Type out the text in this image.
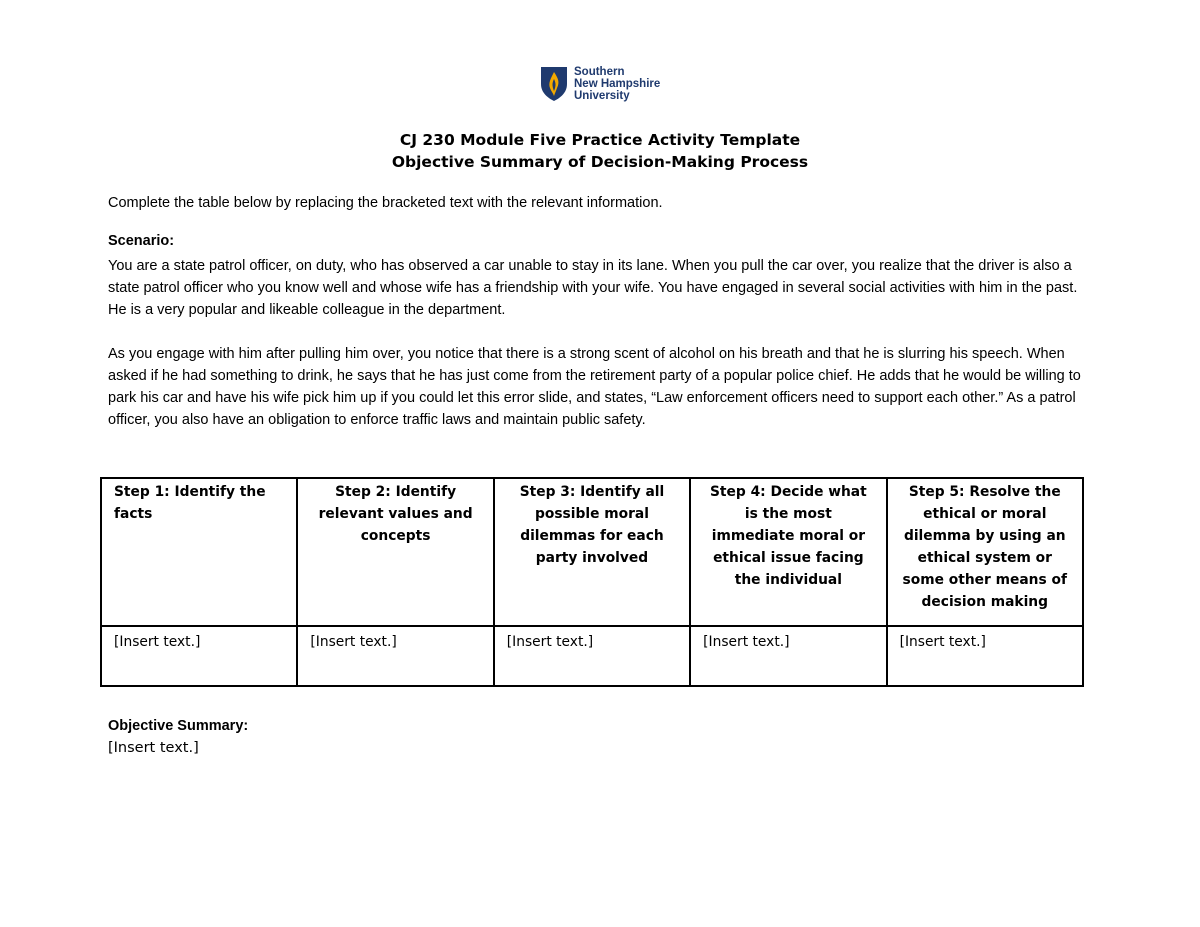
Southern
New Hampshire
University
CJ 230 Module Five Practice Activity Template
Objective Summary of Decision-Making Process
Complete the table below by replacing the bracketed text with the relevant information.
Scenario:
You are a state patrol officer, on duty, who has observed a car unable to stay in its lane. When you pull the car over, you realize that the driver is also a state patrol officer who you know well and whose wife has a friendship with your wife. You have engaged in several social activities with him in the past. He is a very popular and likeable colleague in the department.
As you engage with him after pulling him over, you notice that there is a strong scent of alcohol on his breath and that he is slurring his speech. When asked if he had something to drink, he says that he has just come from the retirement party of a popular police chief. He adds that he would be willing to park his car and have his wife pick him up if you could let this error slide, and states, “Law enforcement officers need to support each other.” As a patrol officer, you also have an obligation to enforce traffic laws and maintain public safety.
Step 1: Identify the facts	Step 2: Identify relevant values and concepts	Step 3: Identify all possible moral dilemmas for each party involved	Step 4: Decide what is the most immediate moral or ethical issue facing the individual	Step 5: Resolve the ethical or moral dilemma by using an ethical system or some other means of decision making
[Insert text.]	[Insert text.]	[Insert text.]	[Insert text.]	[Insert text.]
Objective Summary:
[Insert text.]
